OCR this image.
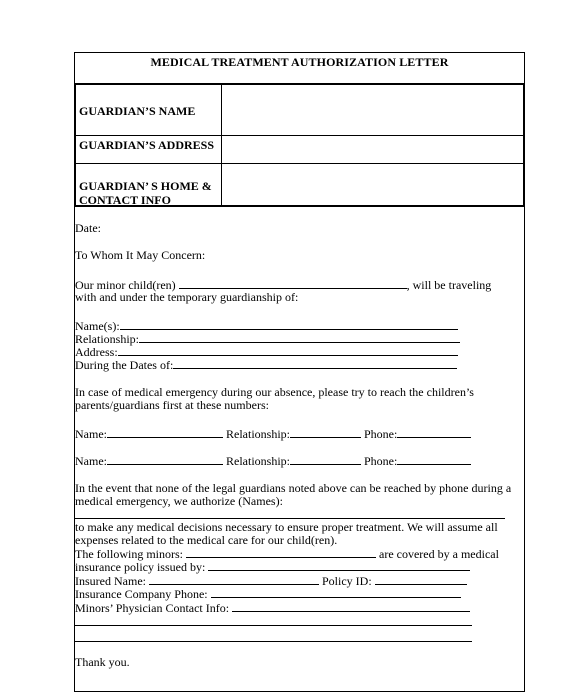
MEDICAL TREATMENT AUTHORIZATION LETTER
GUARDIAN’S NAME
GUARDIAN’S ADDRESS
GUARDIAN’ S HOME &
CONTACT INFO
Date:
To Whom It May Concern:
Our minor child(ren)	, will be traveling
with and under the temporary guardianship of:
Name(s):
Relationship:
Address:
During the Dates of:
In case of medical emergency during our absence, please try to reach the children’s
parents/guardians first at these numbers:
Name:	Relationship:	Phone:
Name:	Relationship:	Phone:
In the event that none of the legal guardians noted above can be reached by phone during a
medical emergency, we authorize (Names):
to make any medical decisions necessary to ensure proper treatment. We will assume all
expenses related to the medical care for our child(ren).
The following minors:	are covered by a medical
insurance policy issued by:
Insured Name:	Policy ID:
Insurance Company Phone:
Minors’ Physician Contact Info:
Thank you.
